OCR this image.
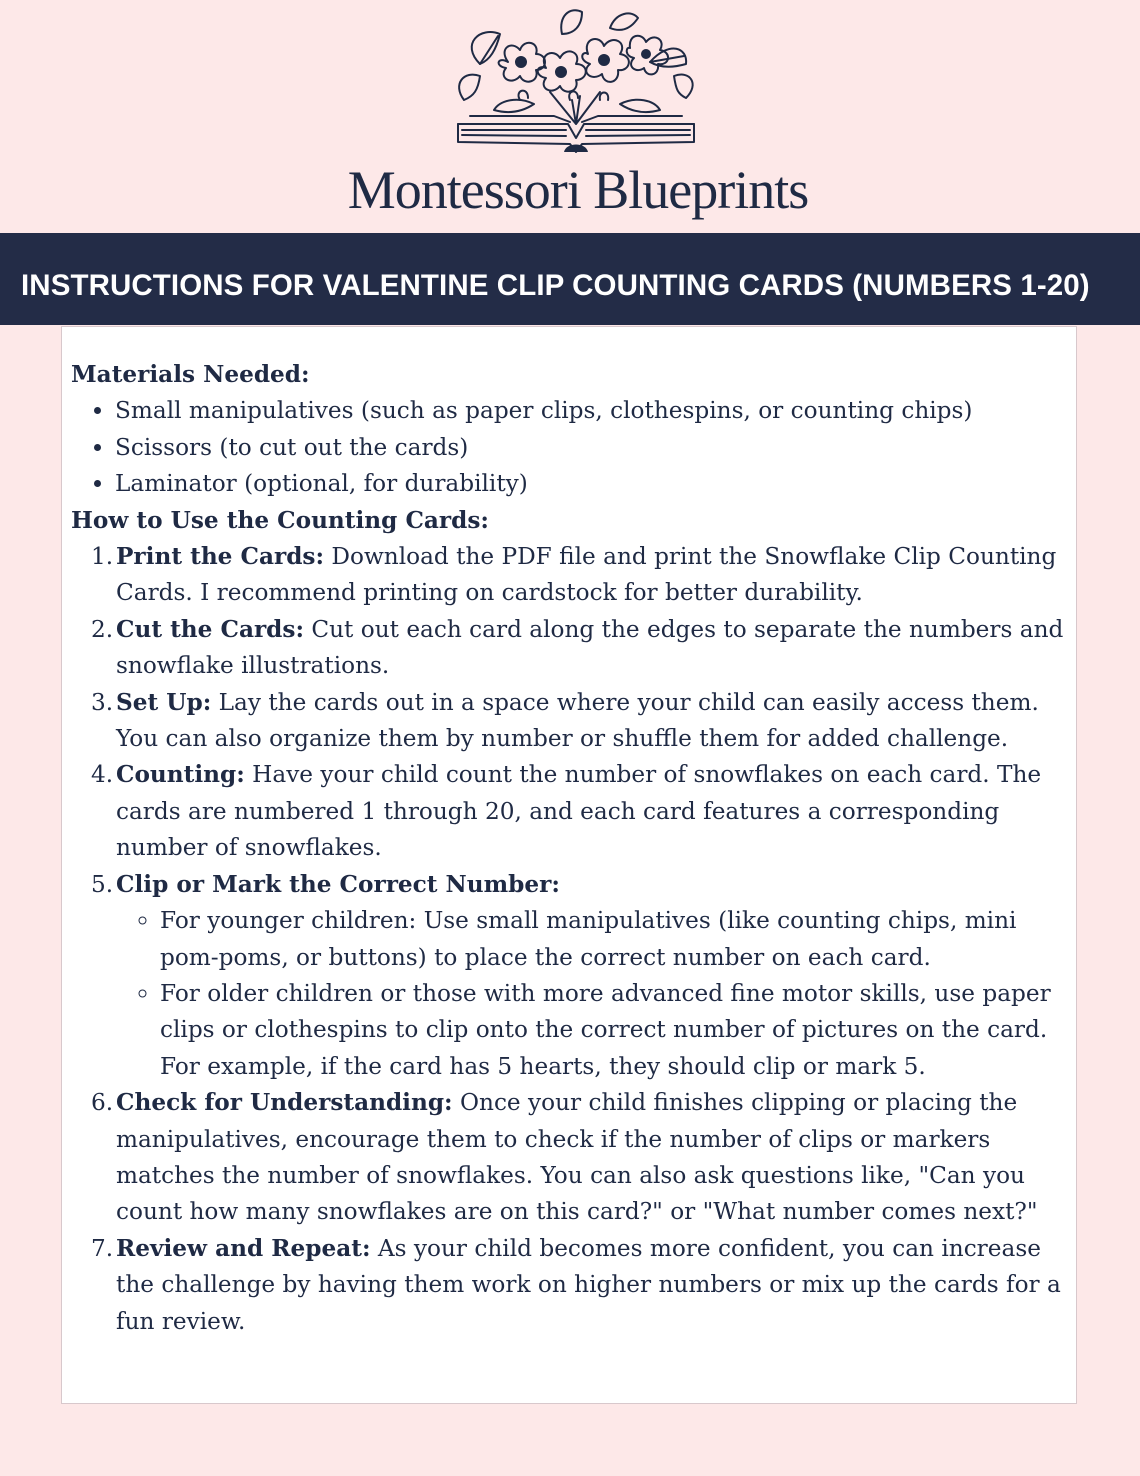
Montessori Blueprints
INSTRUCTIONS FOR VALENTINE CLIP COUNTING CARDS (NUMBERS 1-20)
Materials Needed:
• Small manipulatives (such as paper clips, clothespins, or counting chips)
• Scissors (to cut out the cards)
• Laminator (optional, for durability)
How to Use the Counting Cards:
1. Print the Cards: Download the PDF file and print the Snowflake Clip Counting Cards. I recommend printing on cardstock for better durability.
2. Cut the Cards: Cut out each card along the edges to separate the numbers and snowflake illustrations.
3. Set Up: Lay the cards out in a space where your child can easily access them. You can also organize them by number or shuffle them for added challenge.
4. Counting: Have your child count the number of snowflakes on each card. The cards are numbered 1 through 20, and each card features a corresponding number of snowflakes.
5. Clip or Mark the Correct Number:
◦ For younger children: Use small manipulatives (like counting chips, mini pom-poms, or buttons) to place the correct number on each card.
◦ For older children or those with more advanced fine motor skills, use paper clips or clothespins to clip onto the correct number of pictures on the card. For example, if the card has 5 hearts, they should clip or mark 5.
6. Check for Understanding: Once your child finishes clipping or placing the manipulatives, encourage them to check if the number of clips or markers matches the number of snowflakes. You can also ask questions like, "Can you count how many snowflakes are on this card?" or "What number comes next?"
7. Review and Repeat: As your child becomes more confident, you can increase the challenge by having them work on higher numbers or mix up the cards for a fun review.
